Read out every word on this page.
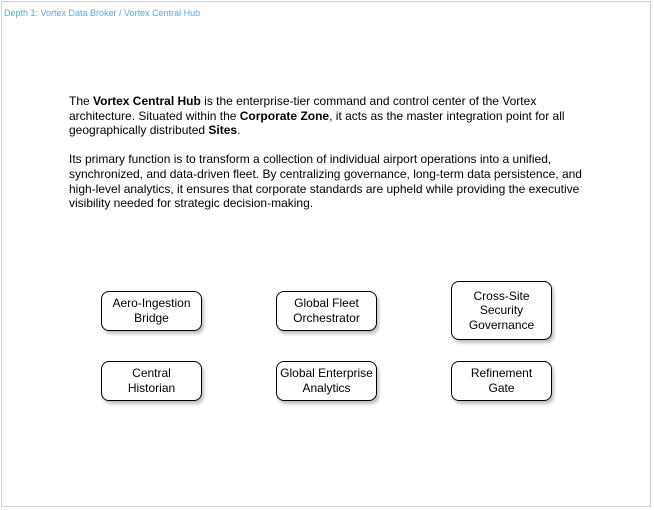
Depth 1: Vortex Data Broker / Vortex Central Hub

The Vortex Central Hub is the enterprise-tier command and control center of the Vortex architecture. Situated within the Corporate Zone, it acts as the master integration point for all geographically distributed Sites.

Its primary function is to transform a collection of individual airport operations into a unified, synchronized, and data-driven fleet. By centralizing governance, long-term data persistence, and high-level analytics, it ensures that corporate standards are upheld while providing the executive visibility needed for strategic decision-making.

Aero-Ingestion Bridge
Global Fleet Orchestrator
Cross-Site Security Governance
Central Historian
Global Enterprise Analytics
Refinement Gate
